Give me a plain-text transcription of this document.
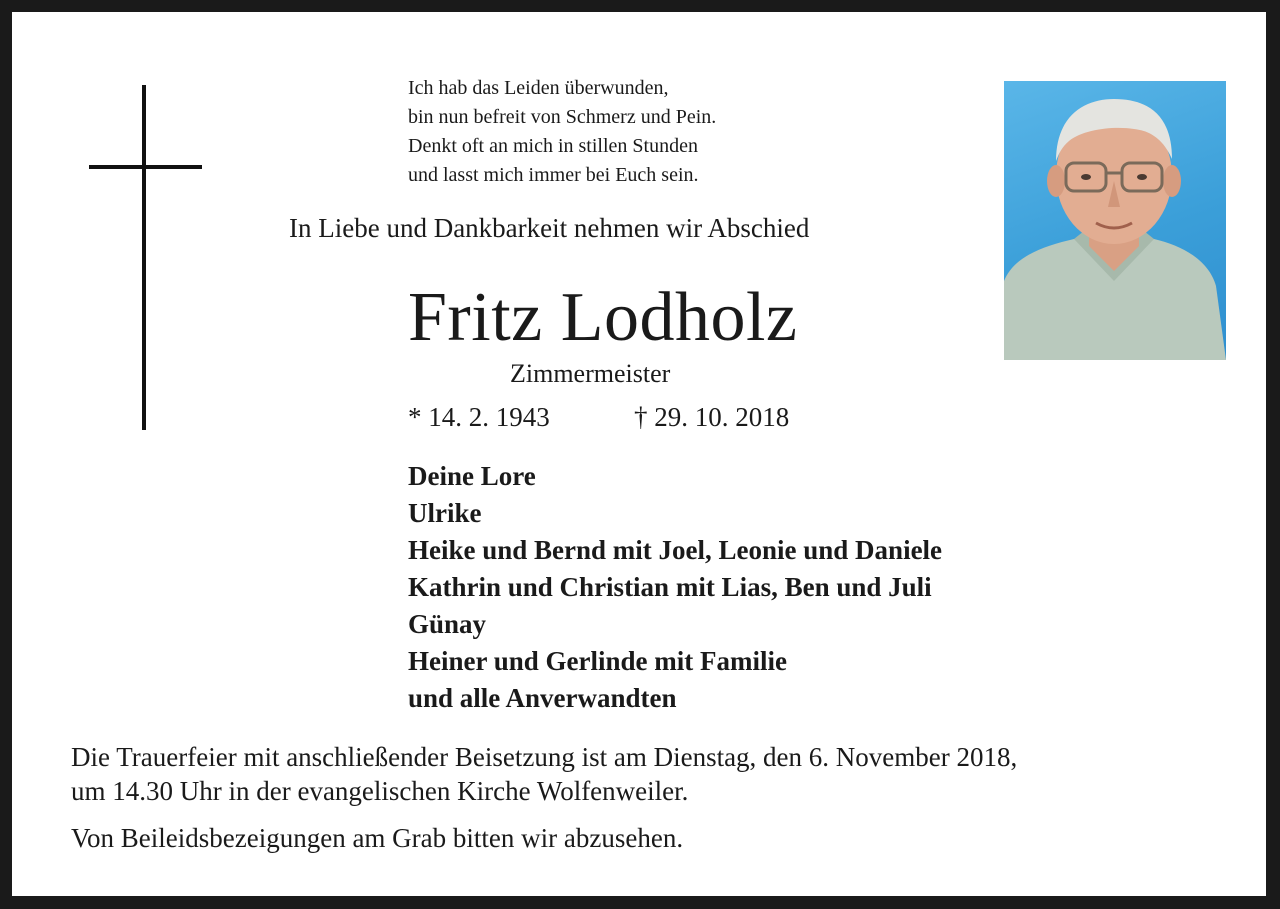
Ich hab das Leiden überwunden,
bin nun befreit von Schmerz und Pein.
Denkt oft an mich in stillen Stunden
und lasst mich immer bei Euch sein.
In Liebe und Dankbarkeit nehmen wir Abschied
Fritz Lodholz
Zimmermeister
* 14. 2. 1943	† 29. 10. 2018
Deine Lore
Ulrike
Heike und Bernd mit Joel, Leonie und Daniele
Kathrin und Christian mit Lias, Ben und Juli
Günay
Heiner und Gerlinde mit Familie
und alle Anverwandten
Die Trauerfeier mit anschließender Beisetzung ist am Dienstag, den 6. November 2018,
um 14.30 Uhr in der evangelischen Kirche Wolfenweiler.
Von Beileidsbezeigungen am Grab bitten wir abzusehen.
